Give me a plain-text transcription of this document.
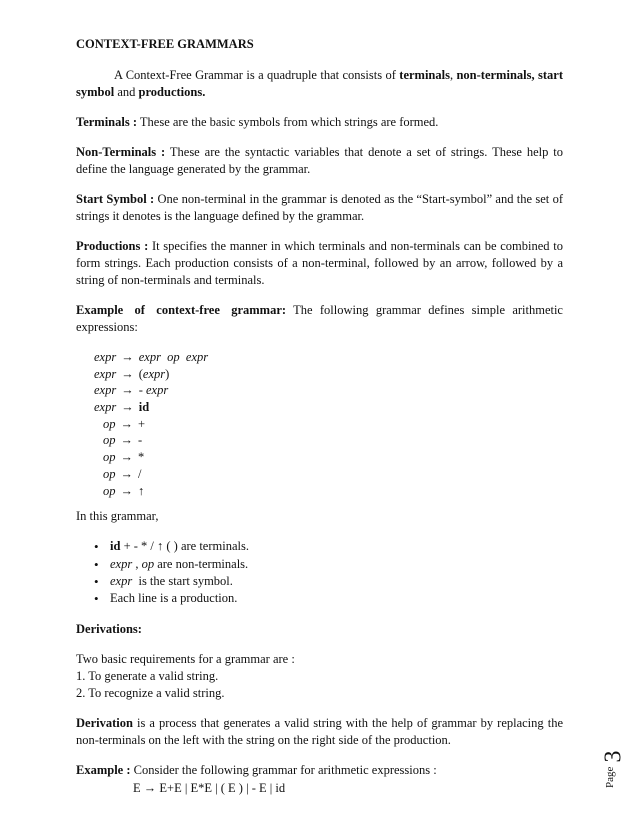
CONTEXT-FREE GRAMMARS

A Context-Free Grammar is a quadruple that consists of terminals, non-terminals, start symbol and productions.

Terminals : These are the basic symbols from which strings are formed.

Non-Terminals : These are the syntactic variables that denote a set of strings. These help to define the language generated by the grammar.

Start Symbol : One non-terminal in the grammar is denoted as the “Start-symbol” and the set of strings it denotes is the language defined by the grammar.

Productions : It specifies the manner in which terminals and non-terminals can be combined to form strings. Each production consists of a non-terminal, followed by an arrow, followed by a string of non-terminals and terminals.

Example of context-free grammar: The following grammar defines simple arithmetic expressions:

expr → expr  op  expr
expr → (expr)
expr → - expr
expr → id
op → +
op → -
op → *
op → /
op → ↑

In this grammar,

• id + - * / ↑ ( ) are terminals.
• expr , op are non-terminals.
• expr  is the start symbol.
• Each line is a production.

Derivations:

Two basic requirements for a grammar are :

1. To generate a valid string.

2. To recognize a valid string.

Derivation is a process that generates a valid string with the help of grammar by replacing the non-terminals on the left with the string on the right side of the production.

Example : Consider the following grammar for arithmetic expressions :
E → E+E | E*E | ( E ) | - E | id	Page
3
